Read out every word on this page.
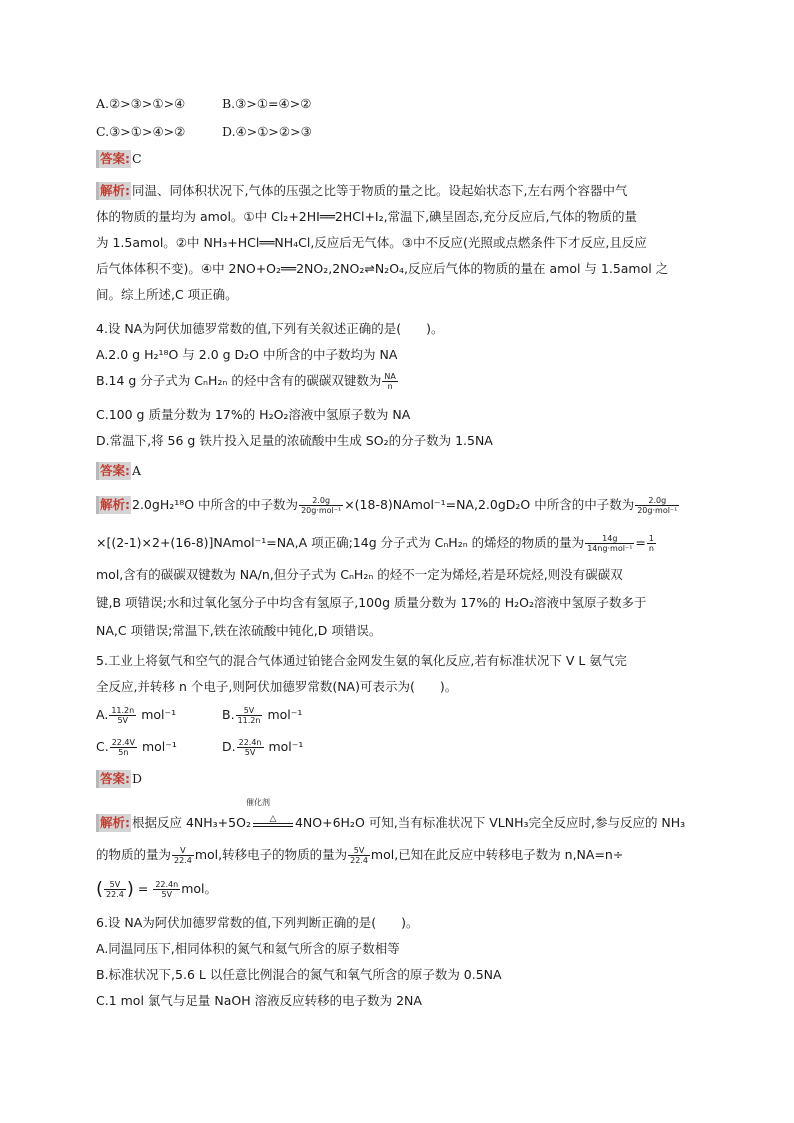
A.②>③>①>④	B.③>①=④>②
C.③>①>④>②	D.④>①>②>③
答案: C
解析: 同温、同体积状况下,气体的压强之比等于物质的量之比。设起始状态下,左右两个容器中气
体的物质的量均为 amol。①中 Cl₂+2HI══2HCl+I₂,常温下,碘呈固态,充分反应后,气体的物质的量
为 1.5amol。②中 NH₃+HCl══NH₄Cl,反应后无气体。③中不反应(光照或点燃条件下才反应,且反应
后气体体积不变)。④中 2NO+O₂══2NO₂,2NO₂⇌N₂O₄,反应后气体的物质的量在 amol 与 1.5amol 之
间。综上所述,C 项正确。
4.设 NA为阿伏加德罗常数的值,下列有关叙述正确的是(　　)。
A.2.0 g H₂¹⁸O 与 2.0 g D₂O 中所含的中子数均为 NA
B.14 g 分子式为 CₙH₂ₙ 的烃中含有的碳碳双键数为 $\frac{NA}{n}$
C.100 g 质量分数为 17%的 H₂O₂溶液中氢原子数为 NA
D.常温下,将 56 g 铁片投入足量的浓硫酸中生成 SO₂的分子数为 1.5NA
答案: A
解析: 2.0gH₂¹⁸O 中所含的中子数为 $\frac{2.0g}{\text{20g·mol⁻¹}}$ ×(18-8)NAmol⁻¹=NA,2.0gD₂O 中所含的中子数为 $\frac{2.0g}{\text{20g·mol⁻¹}}$
×[(2-1)×2+(16-8)]NAmol⁻¹=NA,A 项正确;14g 分子式为 CₙH₂ₙ 的烯烃的物质的量为 $\frac{14g}{\text{14ng·mol⁻¹}} = \frac{1}{n}$
mol,含有的碳碳双键数为 NA/n,但分子式为 CₙH₂ₙ 的烃不一定为烯烃,若是环烷烃,则没有碳碳双
键,B 项错误;水和过氧化氢分子中均含有氢原子,100g 质量分数为 17%的 H₂O₂溶液中氢原子数多于
NA,C 项错误;常温下,铁在浓硫酸中钝化,D 项错误。
5.工业上将氨气和空气的混合气体通过铂铑合金网发生氨的氧化反应,若有标准状况下 V L 氨气完
全反应,并转移 n 个电子,则阿伏加德罗常数(NA)可表示为(　　)。
A. $\frac{11.2n}{5V} mol^{-1}$	B. $\frac{5V}{11.2n} mol^{-1}$
C. $\frac{22.4V}{5n} mol^{-1}$	D. $\frac{22.4n}{5V} mol^{-1}$
答案: D
催化剂
解析: 根据反应 4NH₃+5O₂ △ 4NO+6H₂O 可知,当有标准状况下 VLNH₃完全反应时,参与反应的 NH₃
的物质的量为 $\frac{V}{22.4}$ mol,转移电子的物质的量为 $\frac{5V}{22.4}$ mol,已知在此反应中转移电子数为 n,NA=n÷
( $\frac{5V}{22.4}$ ) = $\frac{22.4n}{5V}$ mol。
6.设 NA为阿伏加德罗常数的值,下列判断正确的是(　　)。
A.同温同压下,相同体积的氮气和氦气所含的原子数相等
B.标准状况下,5.6 L 以任意比例混合的氮气和氧气所含的原子数为 0.5NA
C.1 mol 氯气与足量 NaOH 溶液反应转移的电子数为 2NA
